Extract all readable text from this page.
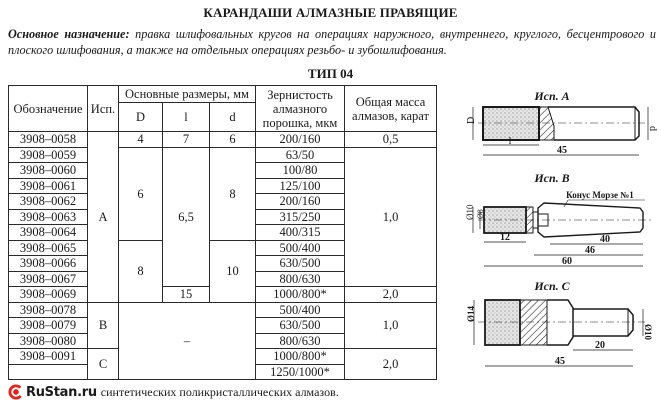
КАРАНДАШИ АЛМАЗНЫЕ ПРАВЯЩИЕ
Основное назначение: правка шлифовальных кругов на операциях наружного, внутреннего, круглого, бесцентрового и плоского шлифования, а также на отдельных операциях резьбо- и зубошлифования.
ТИП 04
Обозначение	Исп.	Основные размеры, мм			Зернистость алмазного порошка, мкм	Общая масса алмазов, карат
		D	l	d		
3908–0058	A	4	7	6	200/160	0,5
3908–0059		6	6,5	8	63/50	1,0
3908–0060					100/80	
3908–0061					125/100	
3908–0062					200/160	
3908–0063					315/250	
3908–0064					400/315	
3908–0065		8		10	500/400	
3908–0066					630/500	
3908–0067					800/630	
3908–0069			15		1000/800*	2,0
3908–0078	B	–			500/400	1,0
3908–0079					630/500	
3908–0080					800/630	
3908–0091	C				1000/800*	2,0
					1250/1000*	
RuStan.ru синтетических поликристаллических алмазов.
Исп. A
D
d
l
45
Исп. B
Конус Морзе №1
Ø10 Ø8
12	40
46
60
Исп. C
Ø14
Ø10
20
45
